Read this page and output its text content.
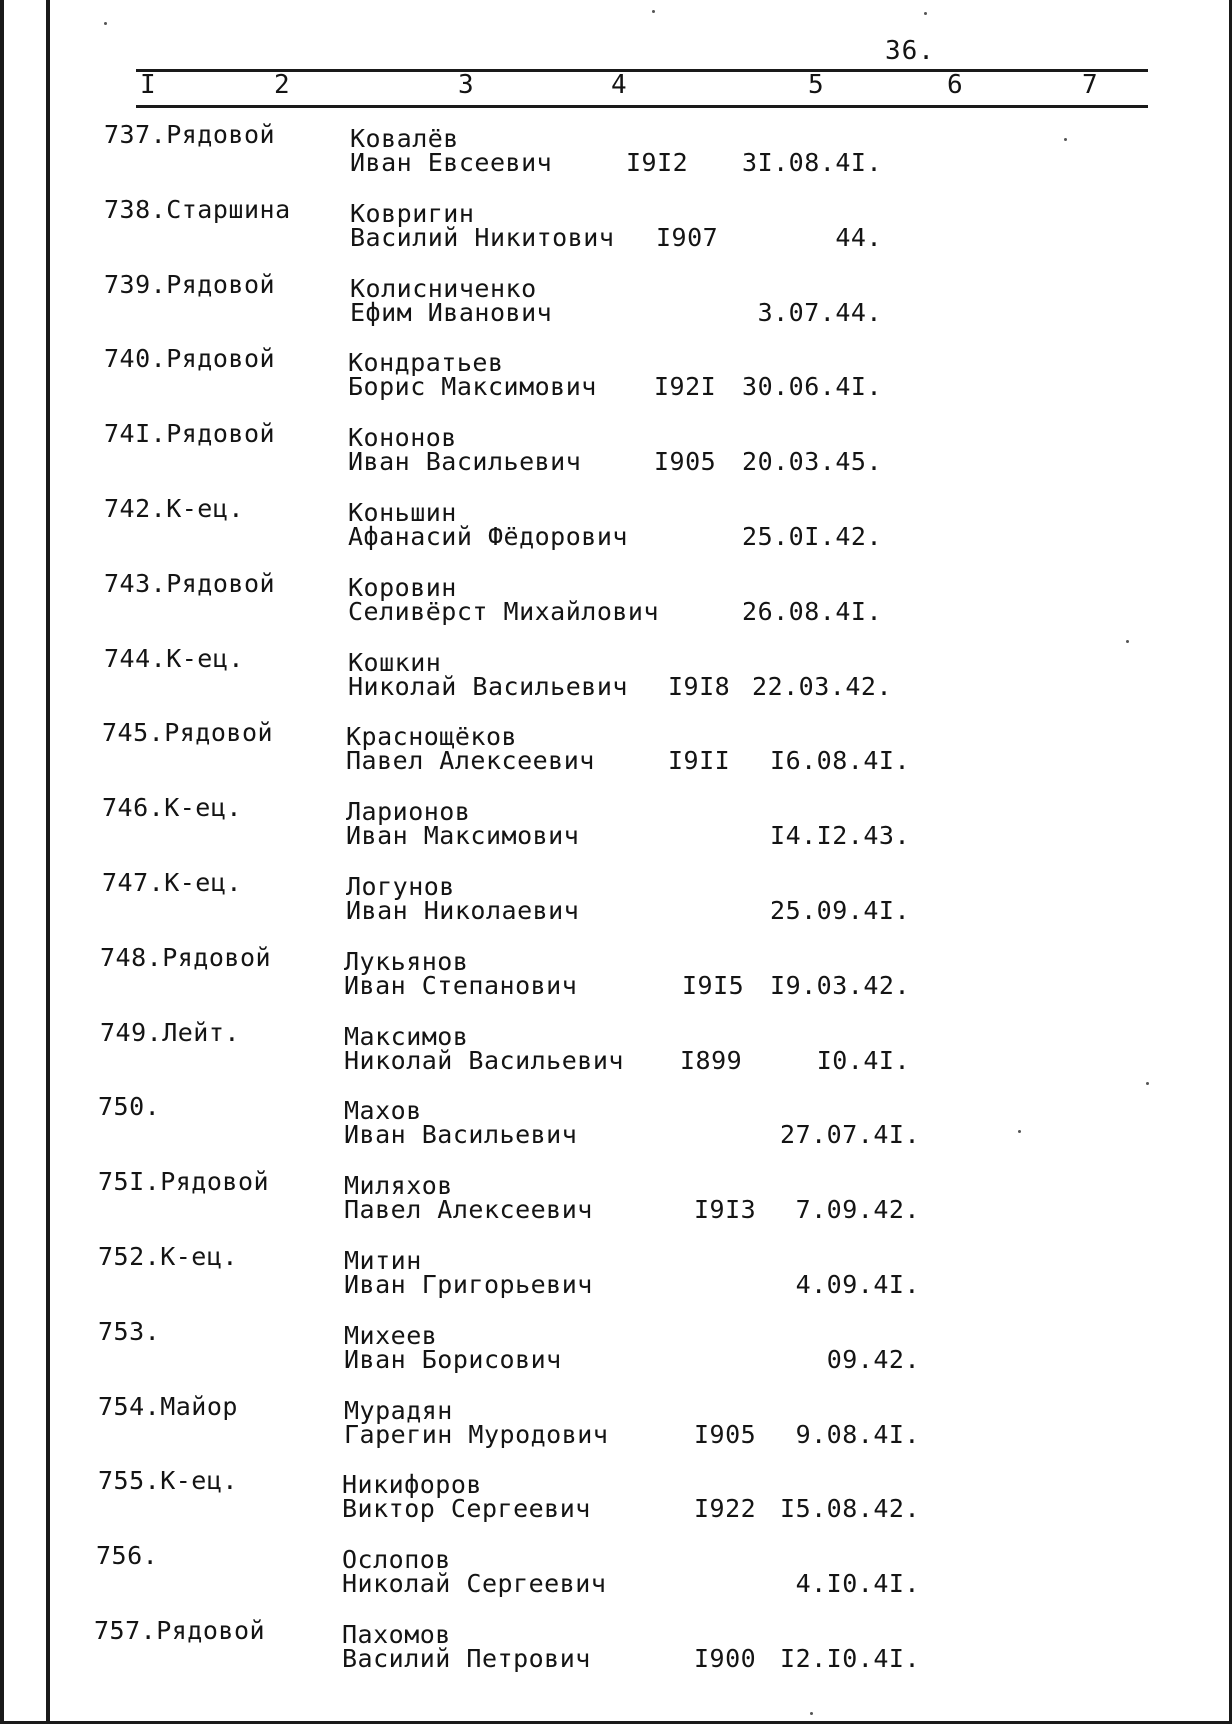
36.
I	2	3	4	5	6	7
737.Рядовой	Ковалёв
Иван Евсеевич	I9I2 3I.08.4I.
738.Старшина Ковригин
Василий Никитович I907	44.
739.Рядовой	Колисниченко
Ефим Иванович	3.07.44.
740.Рядовой	Кондратьев
Борис Максимович I92I 30.06.4I.
74I.Рядовой	Кононов
Иван Васильевич	I905 20.03.45.
742.К-ец.	Коньшин
Афанасий Фёдорович	25.0I.42.
743.Рядовой	Коровин
Селивёрст Михайлович	26.08.4I.
744.К-ец.	Кошкин
Николай Васильевич I9I8 22.03.42.
745.Рядовой	Краснощёков
Павел Алексеевич	I9II I6.08.4I.
746.К-ец.	Ларионов
Иван Максимович	I4.I2.43.
747.К-ец.	Логунов
Иван Николаевич	25.09.4I.
748.Рядовой	Лукьянов
Иван Степанович	I9I5 I9.03.42.
749.Лейт.	Максимов
Николай Васильевич I899	I0.4I.
750.	Махов
Иван Васильевич	27.07.4I.
75I.Рядовой	Миляхов
Павел Алексеевич	I9I3 7.09.42.
752.К-ец.	Митин
Иван Григорьевич	4.09.4I.
753.	Михеев
Иван Борисович	09.42.
754.Майор	Мурадян
Гарегин Муродович	I905 9.08.4I.
755.К-ец.	Никифоров
Виктор Сергеевич	I922 I5.08.42.
756.	Ослопов
Николай Сергеевич	4.I0.4I.
757.Рядовой	Пахомов
Василий Петрович	I900 I2.I0.4I.
